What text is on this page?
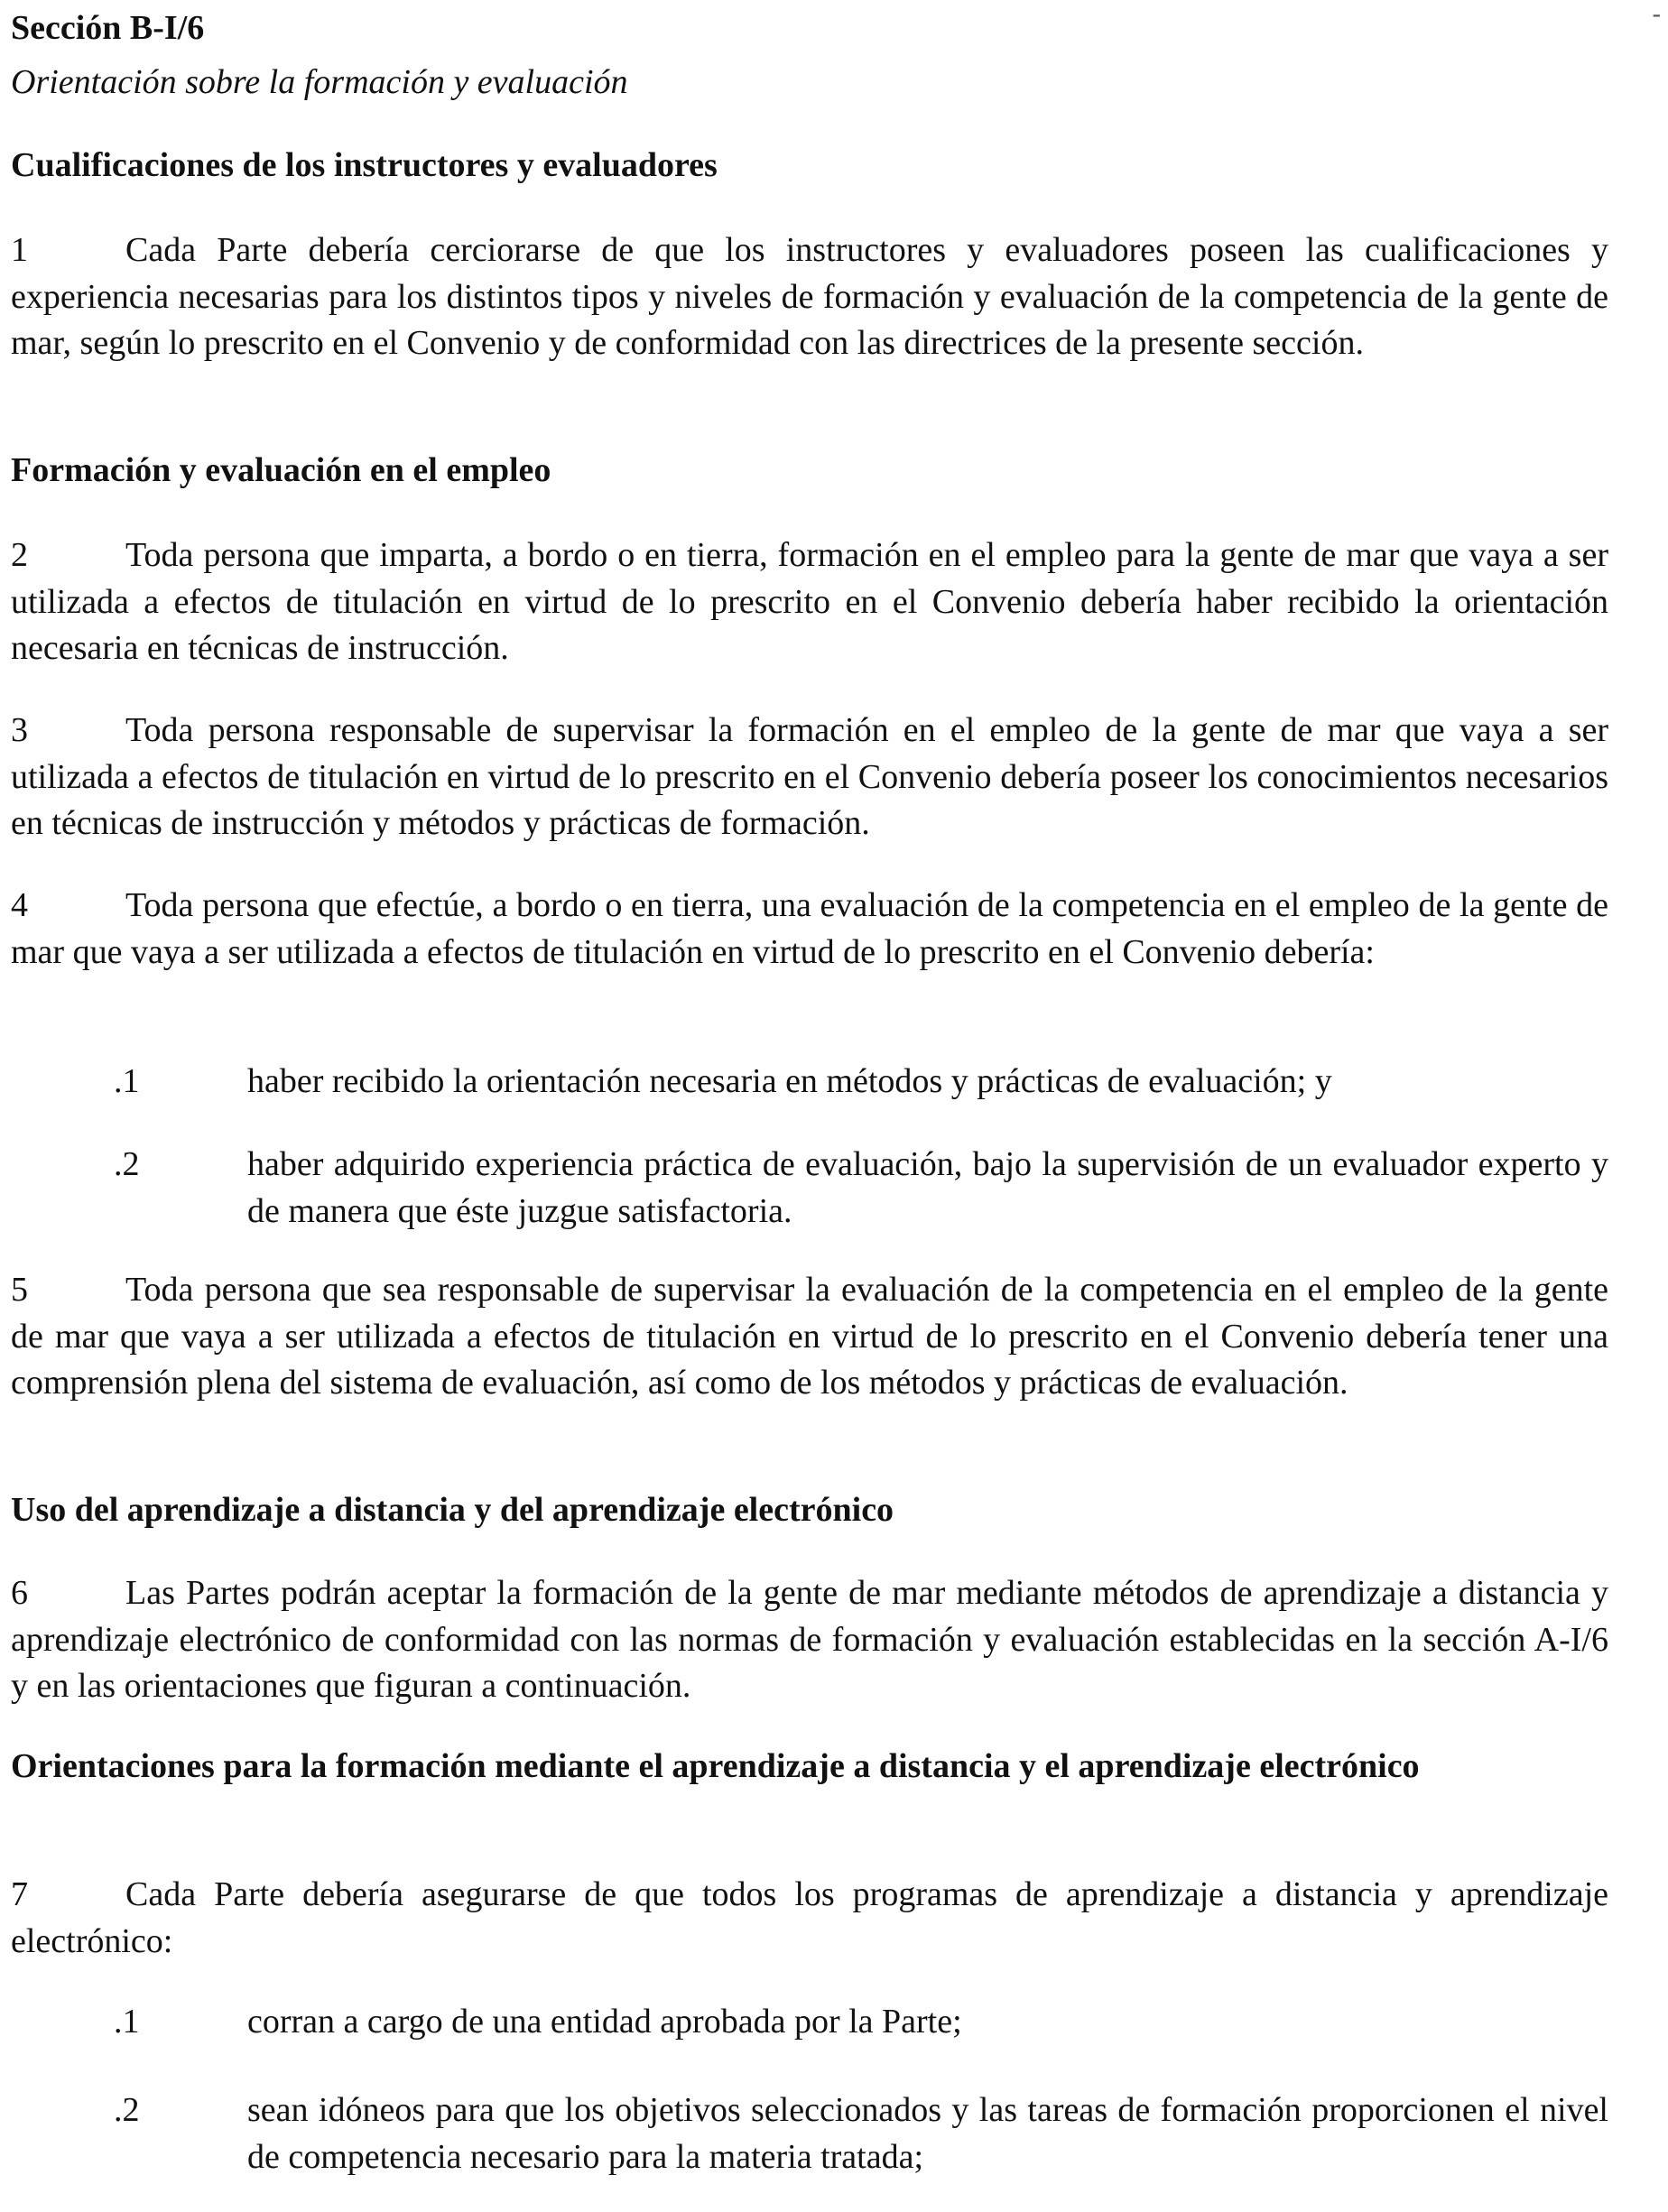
-
Sección B-I/6

Orientación sobre la formación y evaluación

Cualificaciones de los instructores y evaluadores

1	Cada Parte debería cerciorarse de que los instructores y evaluadores poseen las cualificaciones y experiencia necesarias para los distintos tipos y niveles de formación y evaluación de la competencia de la gente de mar, según lo prescrito en el Convenio y de conformidad con las directrices de la presente sección.

Formación y evaluación en el empleo

2	Toda persona que imparta, a bordo o en tierra, formación en el empleo para la gente de mar que vaya a ser utilizada a efectos de titulación en virtud de lo prescrito en el Convenio debería haber recibido la orientación necesaria en técnicas de instrucción.

3	Toda persona responsable de supervisar la formación en el empleo de la gente de mar que vaya a ser utilizada a efectos de titulación en virtud de lo prescrito en el Convenio debería poseer los conocimientos necesarios en técnicas de instrucción y métodos y prácticas de formación.

4	Toda persona que efectúe, a bordo o en tierra, una evaluación de la competencia en el empleo de la gente de mar que vaya a ser utilizada a efectos de titulación en virtud de lo prescrito en el Convenio debería:

.1	haber recibido la orientación necesaria en métodos y prácticas de evaluación; y
.2	haber adquirido experiencia práctica de evaluación, bajo la supervisión de un evaluador experto y de manera que éste juzgue satisfactoria.

5	Toda persona que sea responsable de supervisar la evaluación de la competencia en el empleo de la gente de mar que vaya a ser utilizada a efectos de titulación en virtud de lo prescrito en el Convenio debería tener una comprensión plena del sistema de evaluación, así como de los métodos y prácticas de evaluación.

Uso del aprendizaje a distancia y del aprendizaje electrónico

6	Las Partes podrán aceptar la formación de la gente de mar mediante métodos de aprendizaje a distancia y aprendizaje electrónico de conformidad con las normas de formación y evaluación establecidas en la sección A-I/6 y en las orientaciones que figuran a continuación.

Orientaciones para la formación mediante el aprendizaje a distancia y el aprendizaje electrónico

7	Cada Parte debería asegurarse de que todos los programas de aprendizaje a distancia y aprendizaje electrónico:

.1	corran a cargo de una entidad aprobada por la Parte;
.2	sean idóneos para que los objetivos seleccionados y las tareas de formación proporcionen el nivel de competencia necesario para la materia tratada;
